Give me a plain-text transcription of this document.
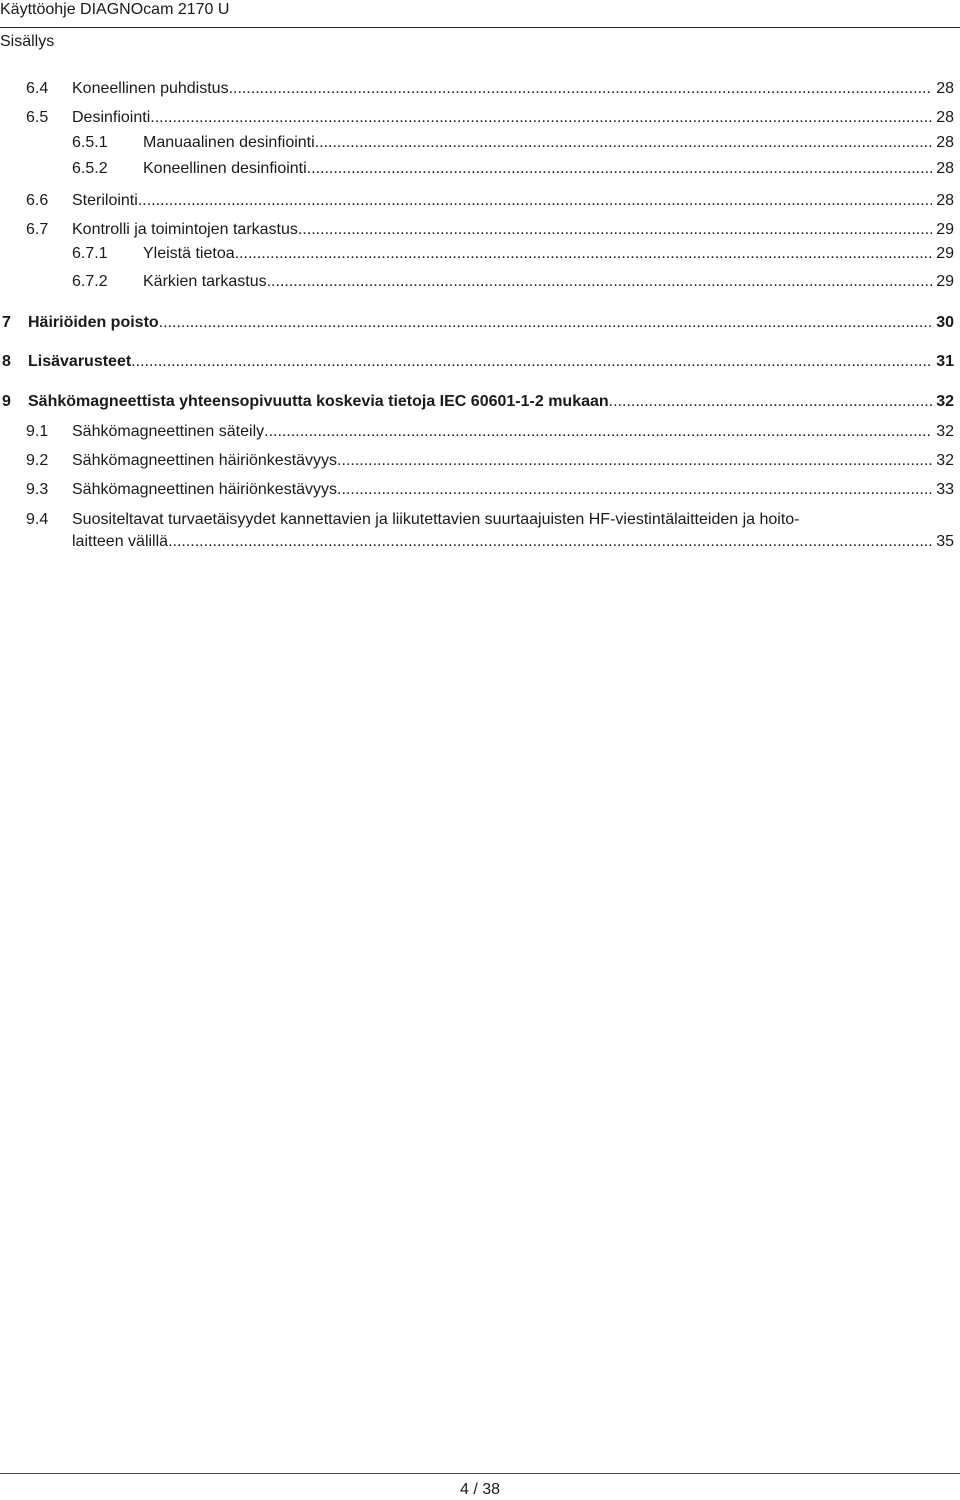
Käyttöohje DIAGNOcam 2170 U
Sisällys
6.4 Koneellinen puhdistus .....	28
6.5 Desinfiointi .....	28
6.5.1 Manuaalinen desinfiointi .....	28
6.5.2 Koneellinen desinfiointi .....	28
6.6 Sterilointi .....	28
6.7 Kontrolli ja toimintojen tarkastus .....	29
6.7.1 Yleistä tietoa .....	29
6.7.2 Kärkien tarkastus .....	29
7 Häiriöiden poisto .....	30
8 Lisävarusteet .....	31
9 Sähkömagneettista yhteensopivuutta koskevia tietoja IEC 60601-1-2 mukaan .....	32
9.1 Sähkömagneettinen säteily .....	32
9.2 Sähkömagneettinen häiriönkestävyys .....	32
9.3 Sähkömagneettinen häiriönkestävyys .....	33
9.4 Suositeltavat turvaetäisyydet kannettavien ja liikutettavien suurtaajuisten HF-viestintälaitteiden ja hoito-
laitteen välillä .....	35
4 / 38
